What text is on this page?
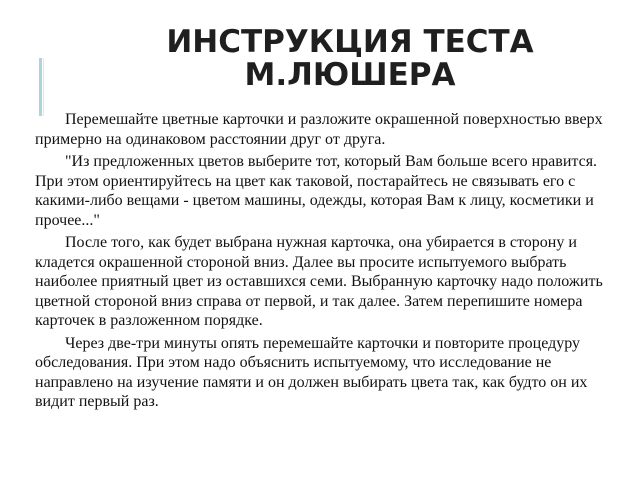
ИНСТРУКЦИЯ ТЕСТА
М.ЛЮШЕРА

Перемешайте цветные карточки и разложите окрашенной поверхностью вверх примерно на одинаковом расстоянии друг от друга.

"Из предложенных цветов выберите тот, который Вам больше всего нравится. При этом ориентируйтесь на цвет как таковой, постарайтесь не связывать его с какими-либо вещами - цветом машины, одежды, которая Вам к лицу, косметики и прочее..."

После того, как будет выбрана нужная карточка, она убирается в сторону и кладется окрашенной стороной вниз. Далее вы просите испытуемого выбрать наиболее приятный цвет из оставшихся семи. Выбранную карточку надо положить цветной стороной вниз справа от первой, и так далее. Затем перепишите номера карточек в разложенном порядке.

Через две-три минуты опять перемешайте карточки и повторите процедуру обследования. При этом надо объяснить испытуемому, что исследование не направлено на изучение памяти и он должен выбирать цвета так, как будто он их видит первый раз.
